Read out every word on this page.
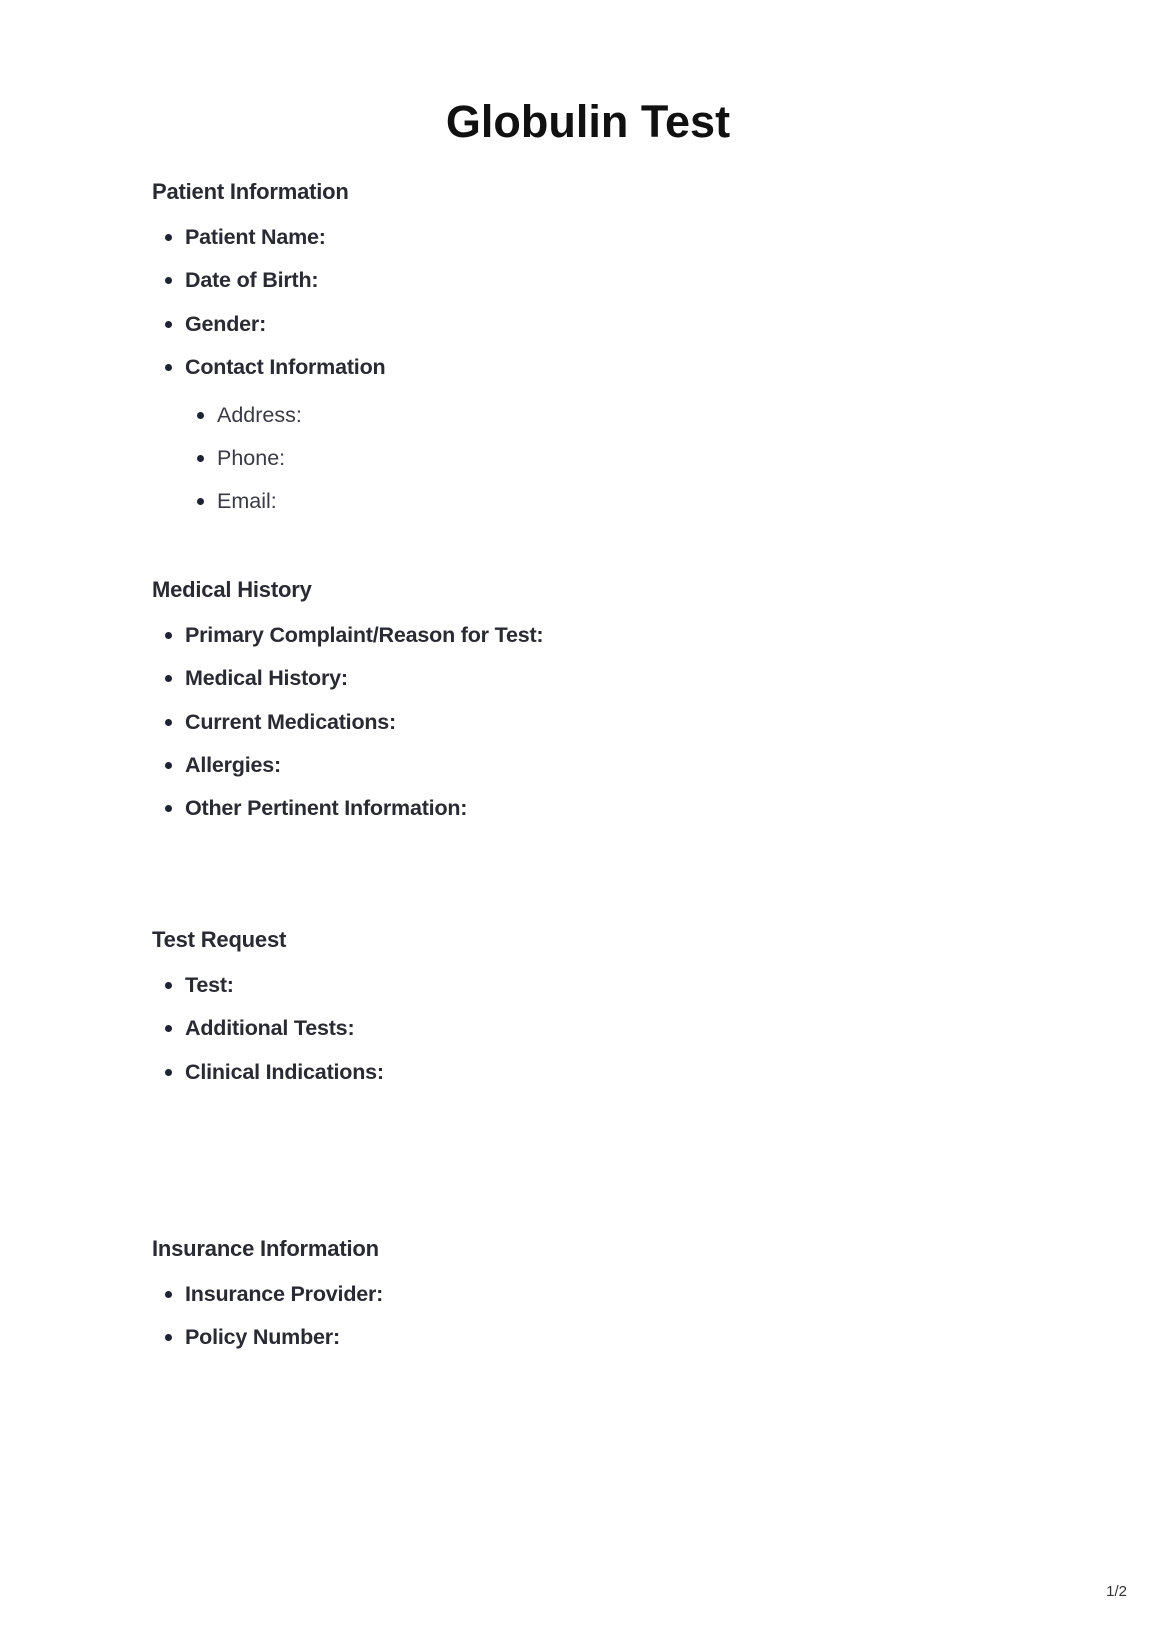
Globulin Test
Patient Information
Patient Name:
Date of Birth:
Gender:
Contact Information
Address:
Phone:
Email:
Medical History
Primary Complaint/Reason for Test:
Medical History:
Current Medications:
Allergies:
Other Pertinent Information:
Test Request
Test:
Additional Tests:
Clinical Indications:
Insurance Information
Insurance Provider:
Policy Number:
1/2
